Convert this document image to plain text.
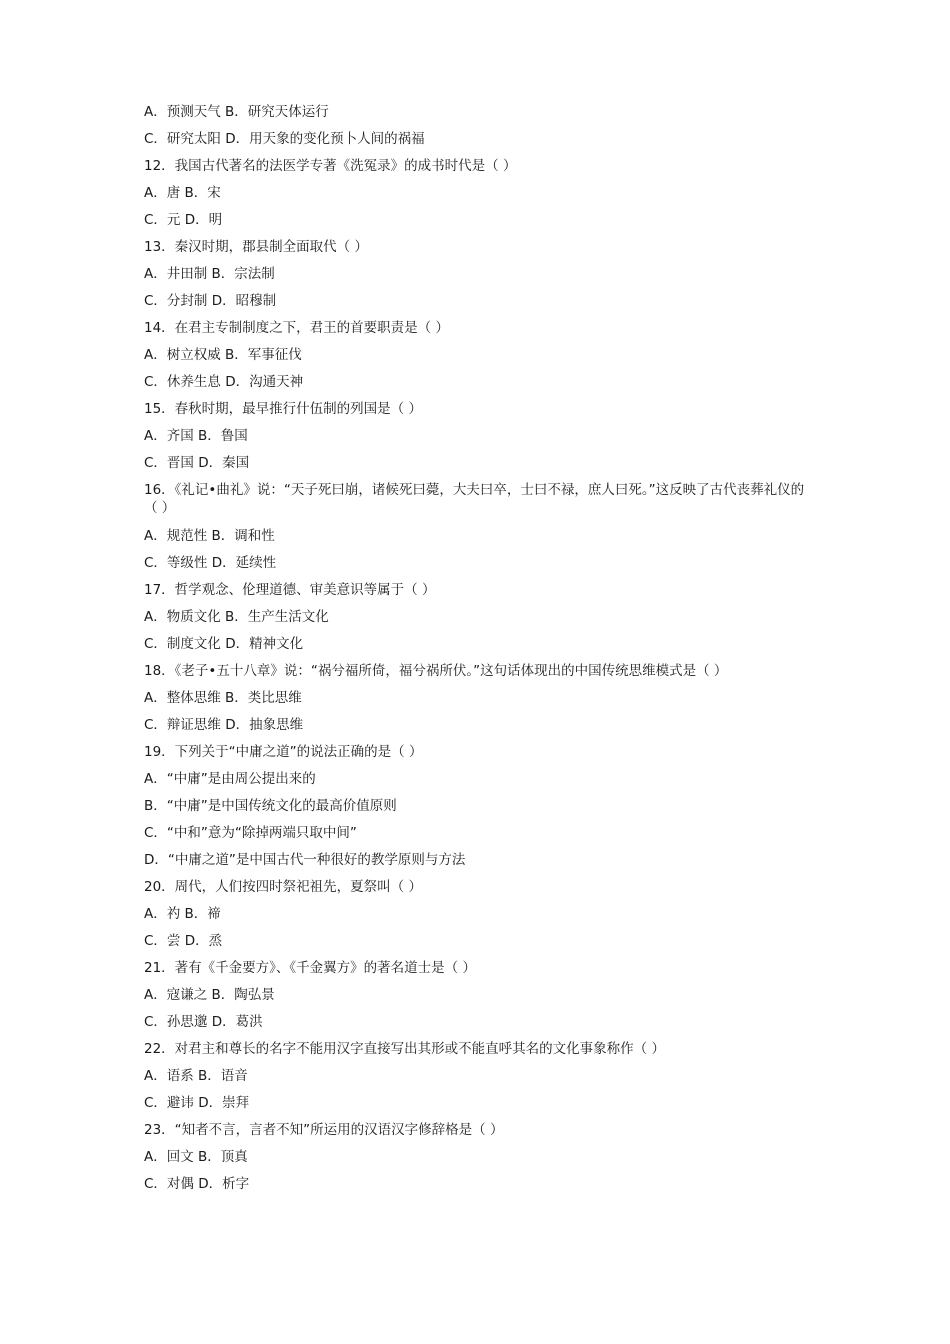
A．预测天气 B．研究天体运行
C．研究太阳 D．用天象的变化预卜人间的祸福
12．我国古代著名的法医学专著《洗冤录》的成书时代是（ ）
A．唐 B．宋
C．元 D．明
13．秦汉时期，郡县制全面取代（ ）
A．井田制 B．宗法制
C．分封制 D．昭穆制
14．在君主专制制度之下，君王的首要职责是（ ）
A．树立权威 B．军事征伐
C．休养生息 D．沟通天神
15．春秋时期，最早推行什伍制的列国是（ ）
A．齐国 B．鲁国
C．晋国 D．秦国
16．《礼记•曲礼》说：“天子死曰崩，诸候死曰薨，大夫曰卒，士曰不禄，庶人曰死。”这反映了古代丧葬礼仪的（ ）
A．规范性 B．调和性
C．等级性 D．延续性
17．哲学观念、伦理道德、审美意识等属于（ ）
A．物质文化 B．生产生活文化
C．制度文化 D．精神文化
18．《老子•五十八章》说：“祸兮福所倚，福兮祸所伏。”这句话体现出的中国传统思维模式是（ ）
A．整体思维 B．类比思维
C．辩证思维 D．抽象思维
19．下列关于“中庸之道”的说法正确的是（ ）
A．“中庸”是由周公提出来的
B．“中庸”是中国传统文化的最高价值原则
C．“中和”意为“除掉两端只取中间”
D．“中庸之道”是中国古代一种很好的教学原则与方法
20．周代，人们按四时祭祀祖先，夏祭叫（ ）
A．礿 B．禘
C．尝 D．烝
21．著有《千金要方》、《千金翼方》的著名道士是（ ）
A．寇谦之 B．陶弘景
C．孙思邈 D．葛洪
22．对君主和尊长的名字不能用汉字直接写出其形或不能直呼其名的文化事象称作（ ）
A．语系 B．语音
C．避讳 D．崇拜
23．“知者不言，言者不知”所运用的汉语汉字修辞格是（ ）
A．回文 B．顶真
C．对偶 D．析字
